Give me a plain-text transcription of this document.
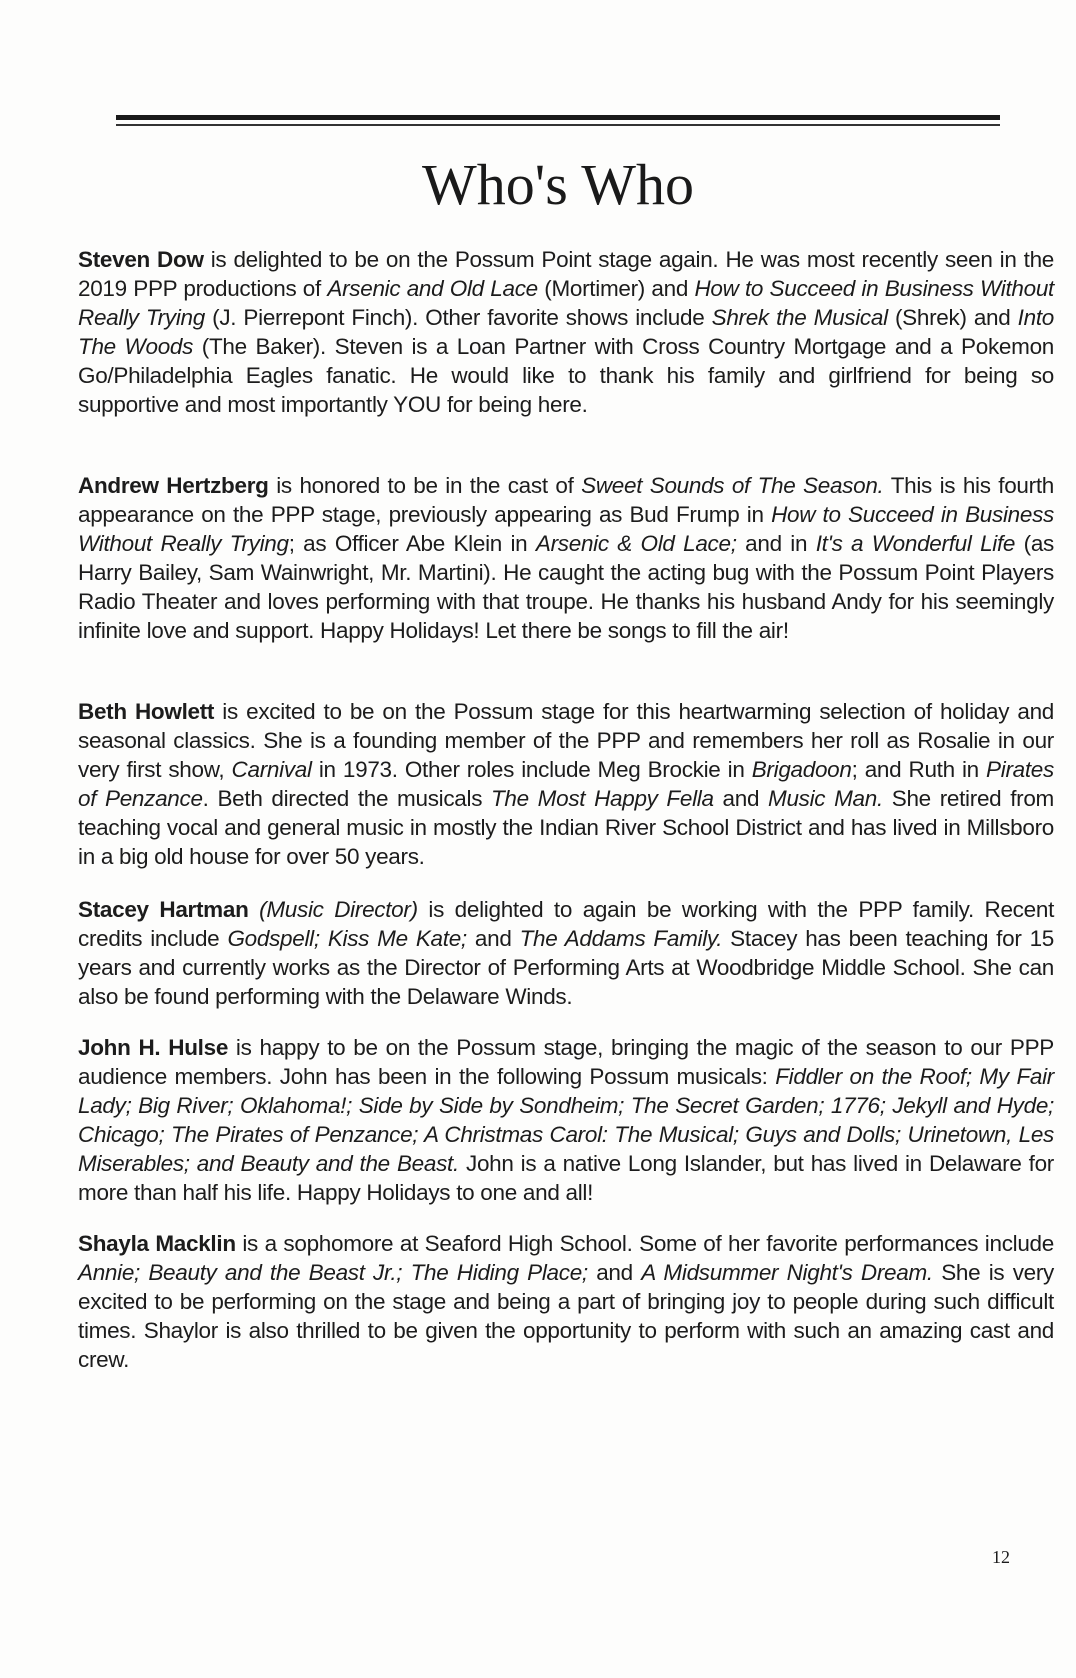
Who's Who

Steven Dow is delighted to be on the Possum Point stage again. He was most recently seen in the 2019 PPP productions of Arsenic and Old Lace (Mortimer) and How to Succeed in Business Without Really Trying (J. Pierrepont Finch). Other favorite shows include Shrek the Musical (Shrek) and Into The Woods (The Baker). Steven is a Loan Partner with Cross Country Mortgage and a Pokemon Go/Philadelphia Eagles fanatic. He would like to thank his family and girlfriend for being so supportive and most importantly YOU for being here.

Andrew Hertzberg is honored to be in the cast of Sweet Sounds of The Season. This is his fourth appearance on the PPP stage, previously appearing as Bud Frump in How to Succeed in Business Without Really Trying; as Officer Abe Klein in Arsenic & Old Lace; and in It's a Wonderful Life (as Harry Bailey, Sam Wainwright, Mr. Martini). He caught the acting bug with the Possum Point Players Radio Theater and loves performing with that troupe. He thanks his husband Andy for his seemingly infinite love and support. Happy Holidays! Let there be songs to fill the air!

Beth Howlett is excited to be on the Possum stage for this heartwarming selection of holiday and seasonal classics. She is a founding member of the PPP and remembers her roll as Rosalie in our very first show, Carnival in 1973. Other roles include Meg Brockie in Brigadoon; and Ruth in Pirates of Penzance. Beth directed the musicals The Most Happy Fella and Music Man. She retired from teaching vocal and general music in mostly the Indian River School District and has lived in Millsboro in a big old house for over 50 years.

Stacey Hartman (Music Director) is delighted to again be working with the PPP family. Recent credits include Godspell; Kiss Me Kate; and The Addams Family. Stacey has been teaching for 15 years and currently works as the Director of Performing Arts at Woodbridge Middle School. She can also be found performing with the Delaware Winds.

John H. Hulse is happy to be on the Possum stage, bringing the magic of the season to our PPP audience members. John has been in the following Possum musicals: Fiddler on the Roof; My Fair Lady; Big River; Oklahoma!; Side by Side by Sondheim; The Secret Garden; 1776; Jekyll and Hyde; Chicago; The Pirates of Penzance; A Christmas Carol: The Musical; Guys and Dolls; Urinetown, Les Miserables; and Beauty and the Beast. John is a native Long Islander, but has lived in Delaware for more than half his life. Happy Holidays to one and all!

Shayla Macklin is a sophomore at Seaford High School. Some of her favorite performances include Annie; Beauty and the Beast Jr.; The Hiding Place; and A Midsummer Night's Dream. She is very excited to be performing on the stage and being a part of bringing joy to people during such difficult times. Shaylor is also thrilled to be given the opportunity to perform with such an amazing cast and crew.

12
